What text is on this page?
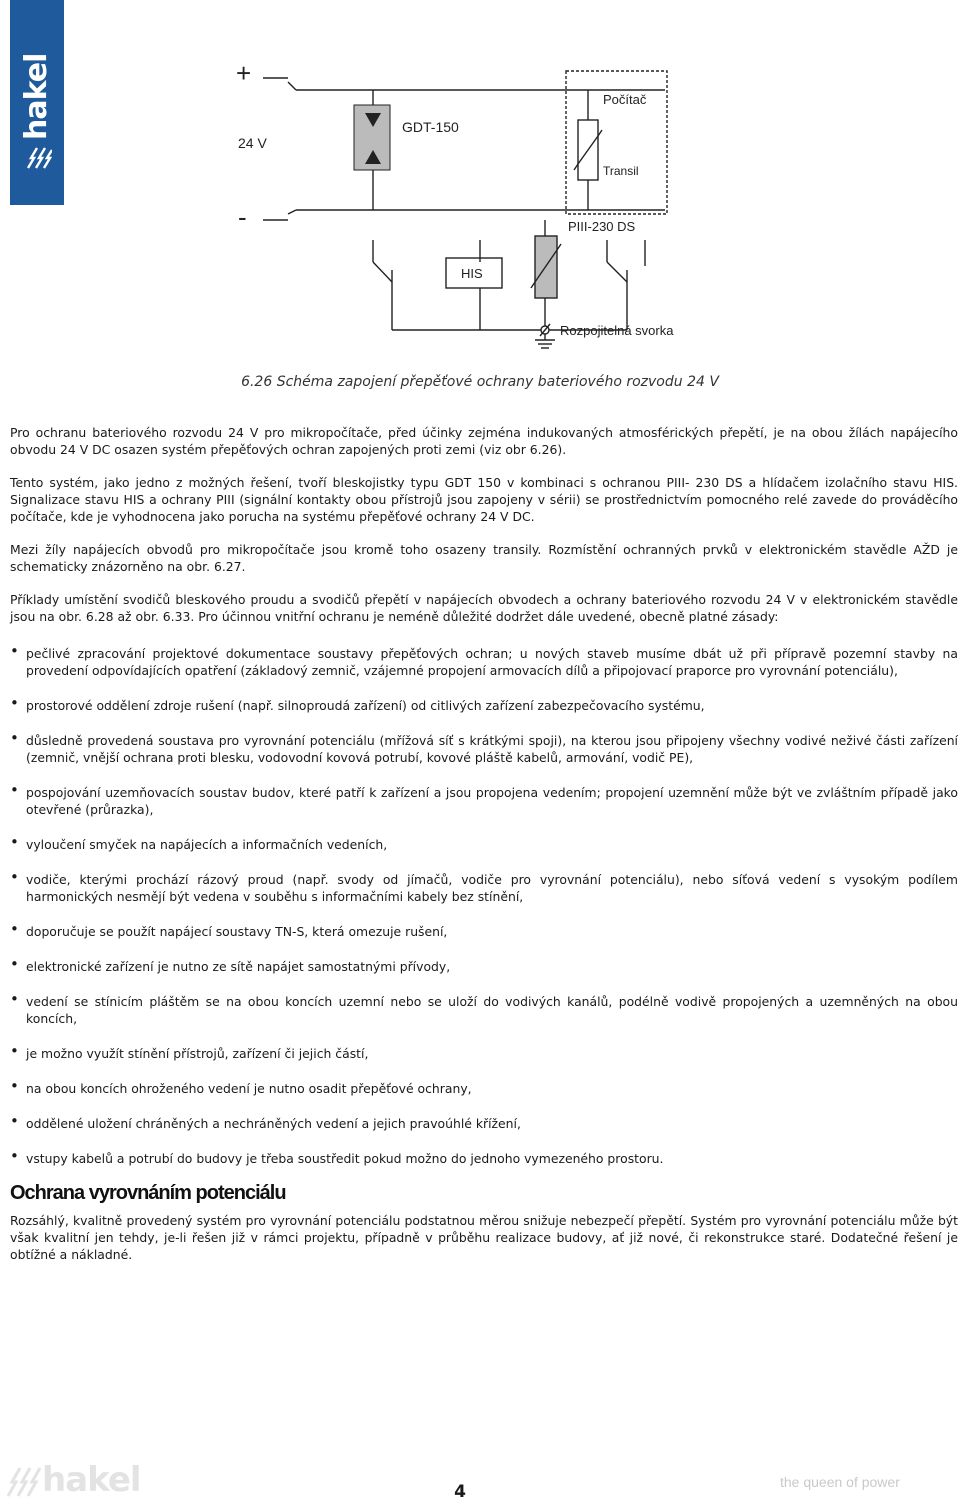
hakel	+
-
24 V
GDT-150
Počítač
Transil
PIII-230 DS
HIS
Rozpojitelná svorka
6.26 Schéma zapojení přepěťové ochrany bateriového rozvodu 24 V

Pro ochranu bateriového rozvodu 24 V pro mikropočítače, před účinky zejména indukovaných atmosférických přepětí, je na obou žílách napájecího obvodu 24 V DC osazen systém přepěťových ochran zapojených proti zemi (viz obr 6.26).

Tento systém, jako jedno z možných řešení, tvoří bleskojistky typu GDT 150 v kombinaci s ochranou PIII- 230 DS a hlídačem izolačního stavu HIS. Signalizace stavu HIS a ochrany PIII (signální kontakty obou přístrojů jsou zapojeny v sérii) se prostřednictvím pomocného relé zavede do prováděcího počítače, kde je vyhodnocena jako porucha na systému přepěťové ochrany 24 V DC.

Mezi žíly napájecích obvodů pro mikropočítače jsou kromě toho osazeny transily. Rozmístění ochranných prvků v elektronickém stavědle AŽD je schematicky znázorněno na obr. 6.27.

Příklady umístění svodičů bleskového proudu a svodičů přepětí v napájecích obvodech a ochrany bateriového rozvodu 24 V v elektronickém stavědle jsou na obr. 6.28 až obr. 6.33. Pro účinnou vnitřní ochranu je neméně důležité dodržet dále uvedené, obecně platné zásady:

• pečlivé zpracování projektové dokumentace soustavy přepěťových ochran; u nových staveb musíme dbát už při přípravě pozemní stavby na provedení odpovídajících opatření (základový zemnič, vzájemné propojení armovacích dílů a připojovací praporce pro vyrovnání potenciálu),
• prostorové oddělení zdroje rušení (např. silnoproudá zařízení) od citlivých zařízení zabezpečovacího systému,
• důsledně provedená soustava pro vyrovnání potenciálu (mřížová síť s krátkými spoji), na kterou jsou připojeny všechny vodivé neživé části zařízení (zemnič, vnější ochrana proti blesku, vodovodní kovová potrubí, kovové pláště kabelů, armování, vodič PE),
• pospojování uzemňovacích soustav budov, které patří k zařízení a jsou propojena vedením; propojení uzemnění může být ve zvláštním případě jako otevřené (průrazka),
• vyloučení smyček na napájecích a informačních vedeních,
• vodiče, kterými prochází rázový proud (např. svody od jímačů, vodiče pro vyrovnání potenciálu), nebo síťová vedení s vysokým podílem harmonických nesmějí být vedena v souběhu s informačními kabely bez stínění,
• doporučuje se použít napájecí soustavy TN-S, která omezuje rušení,
• elektronické zařízení je nutno ze sítě napájet samostatnými přívody,
• vedení se stínicím pláštěm se na obou koncích uzemní nebo se uloží do vodivých kanálů, podélně vodivě propojených a uzemněných na obou koncích,
• je možno využít stínění přístrojů, zařízení či jejich částí,
• na obou koncích ohroženého vedení je nutno osadit přepěťové ochrany,
• oddělené uložení chráněných a nechráněných vedení a jejich pravoúhlé křížení,
• vstupy kabelů a potrubí do budovy je třeba soustředit pokud možno do jednoho vymezeného prostoru.
Ochrana vyrovnáním potenciálu

Rozsáhlý, kvalitně provedený systém pro vyrovnání potenciálu podstatnou měrou snižuje nebezpečí přepětí. Systém pro vyrovnání potenciálu může být však kvalitní jen tehdy, je-li řešen již v rámci projektu, případně v průběhu realizace budovy, ať již nové, či rekonstrukce staré. Dodatečné řešení je obtížné a nákladné.

hakel	4	the queen of power
